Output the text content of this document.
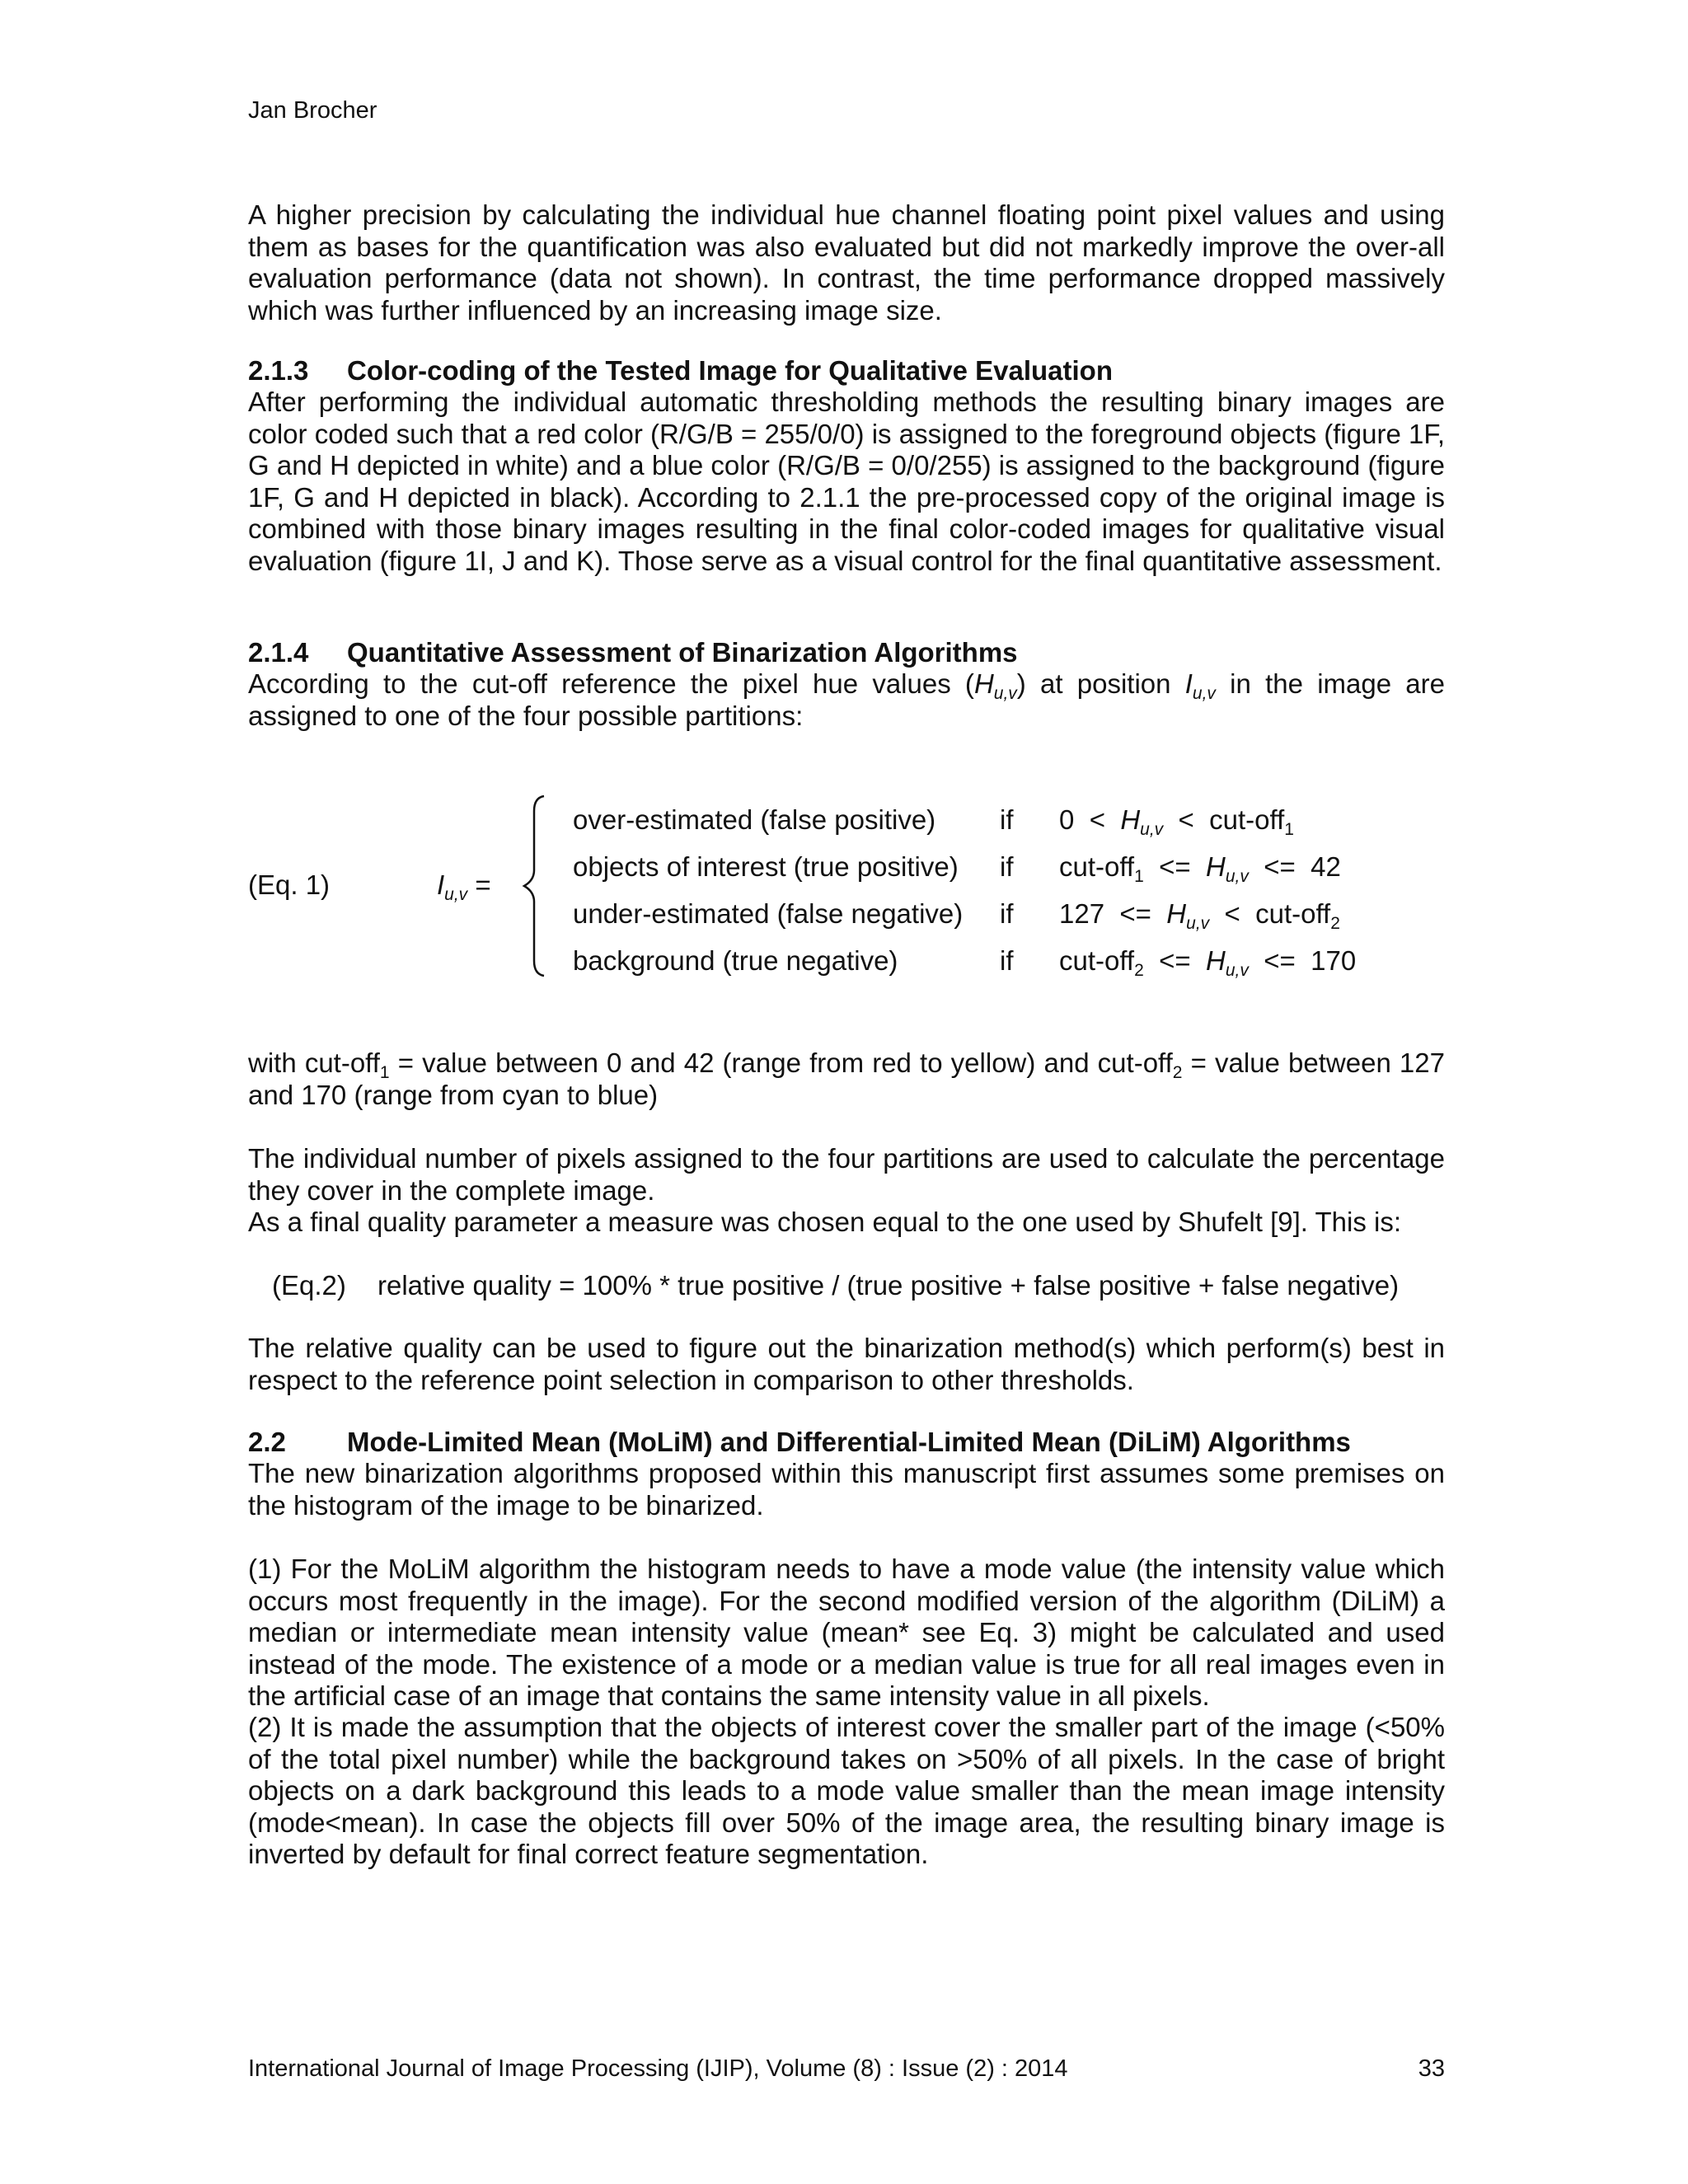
Jan Brocher

A higher precision by calculating the individual hue channel floating point pixel values and using them as bases for the quantification was also evaluated but did not markedly improve the over-all evaluation performance (data not shown). In contrast, the time performance dropped massively which was further influenced by an increasing image size.

2.1.3 Color-coding of the Tested Image for Qualitative Evaluation

After performing the individual automatic thresholding methods the resulting binary images are color coded such that a red color (R/G/B = 255/0/0) is assigned to the foreground objects (figure 1F, G and H depicted in white) and a blue color (R/G/B = 0/0/255) is assigned to the background (figure 1F, G and H depicted in black). According to 2.1.1 the pre-processed copy of the original image is combined with those binary images resulting in the final color-coded images for qualitative visual evaluation (figure 1I, J and K). Those serve as a visual control for the final quantitative assessment.

2.1.4 Quantitative Assessment of Binarization Algorithms

According to the cut-off reference the pixel hue values $(H_{u,v})$ at position $I_{u,v}$ in the image are assigned to one of the four possible partitions:

(Eq. 1)	$I_{u,v}$ =
over-estimated (false positive) if $0 < H_{u,v} < cut-off_1$
objects of interest (true positive) if $cut-off_1 <= H_{u,v} <= 42$
under-estimated (false negative) if $127 <= H_{u,v} < cut-off_2$
background (true negative)	if $cut-off_2 <= H_{u,v} <= 170$

with cut-off$_1$ = value between 0 and 42 (range from red to yellow) and cut-off$_2$ = value between 127 and 170 (range from cyan to blue)

The individual number of pixels assigned to the four partitions are used to calculate the percentage they cover in the complete image.

As a final quality parameter a measure was chosen equal to the one used by Shufelt [9]. This is:

(Eq.2) relative quality = 100% * true positive / (true positive + false positive + false negative)

The relative quality can be used to figure out the binarization method(s) which perform(s) best in respect to the reference point selection in comparison to other thresholds.

2.2 Mode-Limited Mean (MoLiM) and Differential-Limited Mean (DiLiM) Algorithms

The new binarization algorithms proposed within this manuscript first assumes some premises on the histogram of the image to be binarized.

(1) For the MoLiM algorithm the histogram needs to have a mode value (the intensity value which occurs most frequently in the image). For the second modified version of the algorithm (DiLiM) a median or intermediate mean intensity value (mean* see Eq. 3) might be calculated and used instead of the mode. The existence of a mode or a median value is true for all real images even in the artificial case of an image that contains the same intensity value in all pixels.

(2) It is made the assumption that the objects of interest cover the smaller part of the image (<50% of the total pixel number) while the background takes on >50% of all pixels. In the case of bright objects on a dark background this leads to a mode value smaller than the mean image intensity (mode<mean). In case the objects fill over 50% of the image area, the resulting binary image is inverted by default for final correct feature segmentation.

International Journal of Image Processing (IJIP), Volume (8) : Issue (2) : 2014	33
